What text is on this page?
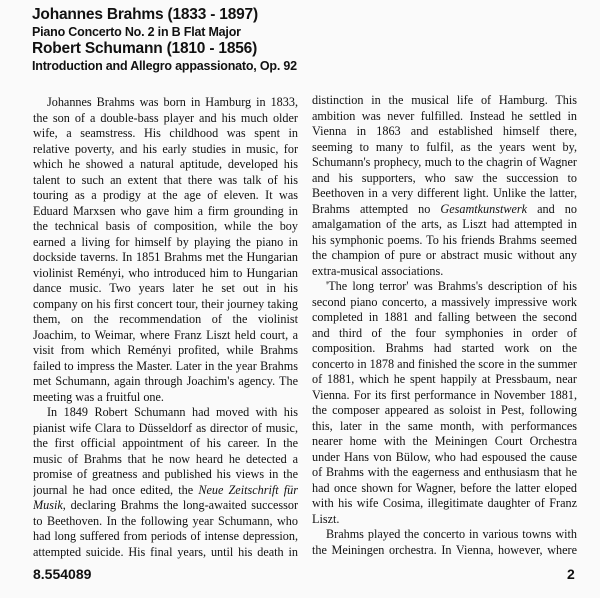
Johannes Brahms (1833 - 1897)
Piano Concerto No. 2 in B Flat Major
Robert Schumann (1810 - 1856)
Introduction and Allegro appassionato, Op. 92

Johannes Brahms was born in Hamburg in 1833, the son of a double-bass player and his much older wife, a seamstress. His childhood was spent in relative poverty, and his early studies in music, for which he showed a natural aptitude, developed his talent to such an extent that there was talk of his touring as a prodigy at the age of eleven. It was Eduard Marxsen who gave him a firm grounding in the technical basis of composition, while the boy earned a living for himself by playing the piano in dockside taverns. In 1851 Brahms met the Hungarian violinist Reményi, who introduced him to Hungarian dance music. Two years later he set out in his company on his first concert tour, their journey taking them, on the recommendation of the violinist Joachim, to Weimar, where Franz Liszt held court, a visit from which Reményi profited, while Brahms failed to impress the Master. Later in the year Brahms met Schumann, again through Joachim's agency. The meeting was a fruitful one.

In 1849 Robert Schumann had moved with his pianist wife Clara to Düsseldorf as director of music, the first official appointment of his career. In the music of Brahms that he now heard he detected a promise of greatness and published his views in the journal he had once edited, the Neue Zeitschrift für Musik, declaring Brahms the long-awaited successor to Beethoven. In the following year Schumann, who had long suffered from periods of intense depression, attempted suicide. His final years, until his death in

distinction in the musical life of Hamburg. This ambition was never fulfilled. Instead he settled in Vienna in 1863 and established himself there, seeming to many to fulfil, as the years went by, Schumann's prophecy, much to the chagrin of Wagner and his supporters, who saw the succession to Beethoven in a very different light. Unlike the latter, Brahms attempted no Gesamtkunstwerk and no amalgamation of the arts, as Liszt had attempted in his symphonic poems. To his friends Brahms seemed the champion of pure or abstract music without any extra-musical associations.

'The long terror' was Brahms's description of his second piano concerto, a massively impressive work completed in 1881 and falling between the second and third of the four symphonies in order of composition. Brahms had started work on the concerto in 1878 and finished the score in the summer of 1881, which he spent happily at Pressbaum, near Vienna. For its first performance in November 1881, the composer appeared as soloist in Pest, following this, later in the same month, with performances nearer home with the Meiningen Court Orchestra under Hans von Bülow, who had espoused the cause of Brahms with the eagerness and enthusiasm that he had once shown for Wagner, before the latter eloped with his wife Cosima, illegitimate daughter of Franz Liszt.

Brahms played the concerto in various towns with the Meiningen orchestra. In Vienna, however, where

8.554089	2
